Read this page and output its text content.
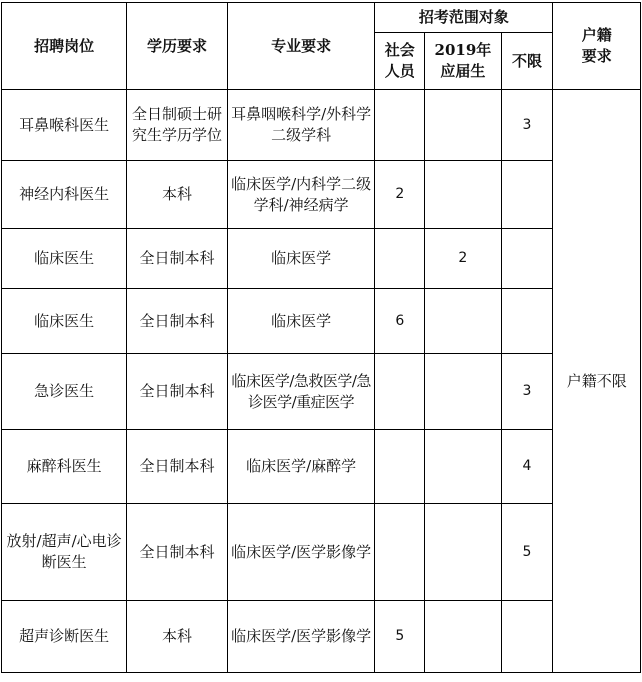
招聘岗位	学历要求	专业要求	招考范围对象			户籍要求
			社会人员	2019年应届生	不限	
耳鼻喉科医生	全日制硕士研究生学历学位	耳鼻咽喉科学/外科学二级学科			3	户籍不限
神经内科医生	本科	临床医学/内科学二级学科/神经病学	2			
临床医生	全日制本科	临床医学		2		
临床医生	全日制本科	临床医学	6			
急诊医生	全日制本科	临床医学/急救医学/急诊医学/重症医学			3	
麻醉科医生	全日制本科	临床医学/麻醉学			4	
放射/超声/心电诊断医生	全日制本科	临床医学/医学影像学			5	
超声诊断医生	本科	临床医学/医学影像学	5			
